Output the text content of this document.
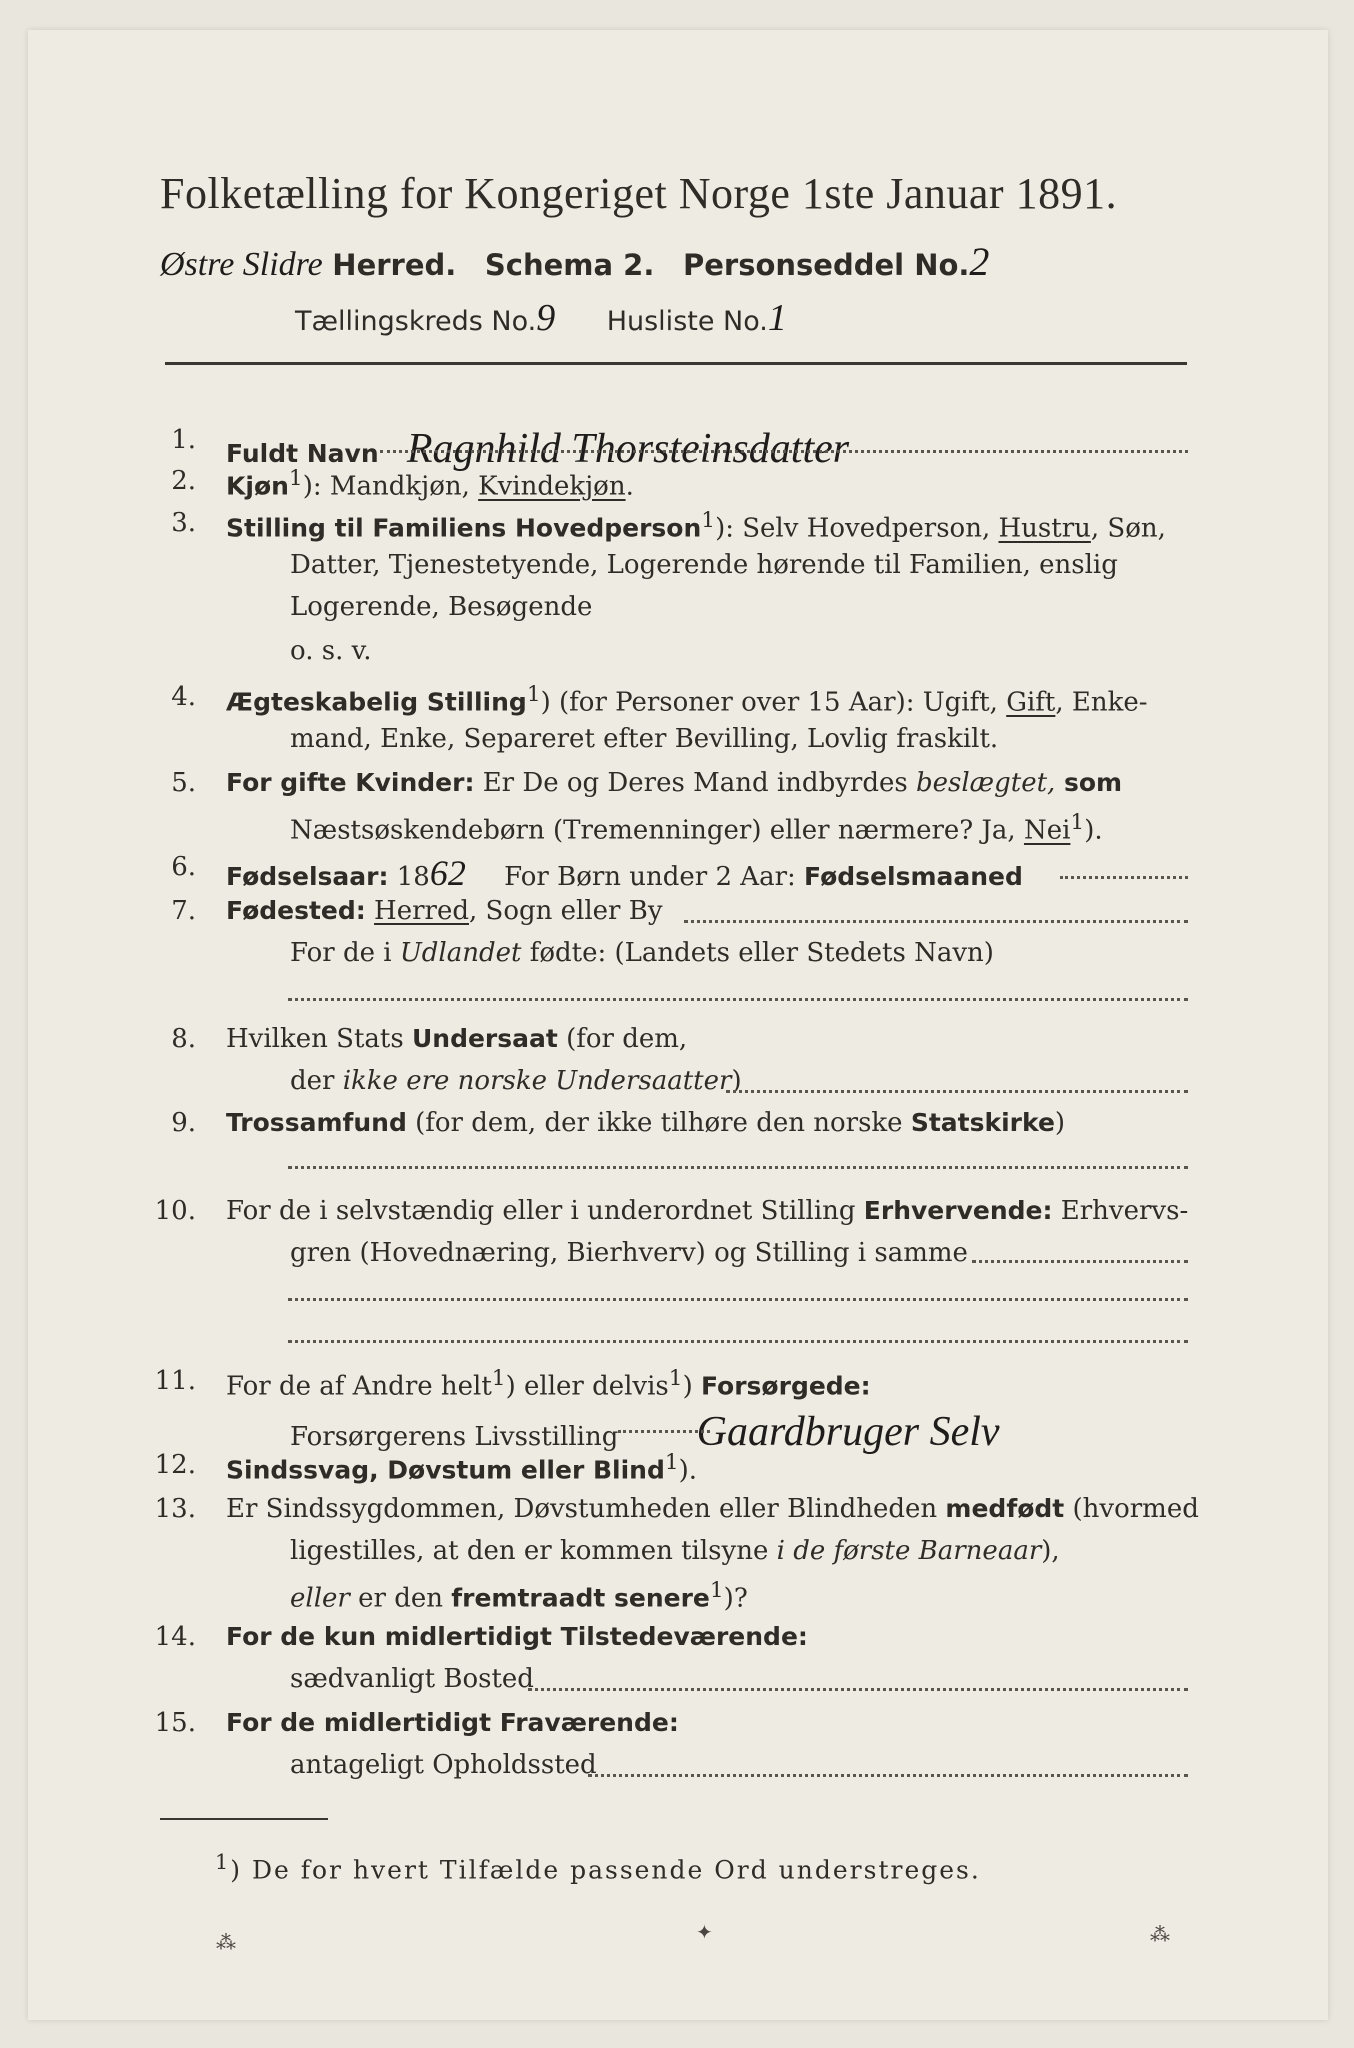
Folketælling for Kongeriget Norge 1ste Januar 1891.
Østre Slidre Herred. Schema 2. Personseddel No.2
Tællingskreds No.9 Husliste No.1
1. Fuldt Navn Ragnhild Thorsteinsdatter
2. Kjøn$^1$): Mandkjøn, Kvindekjøn.
3. Stilling til Familiens Hovedperson$^1$): Selv Hovedperson, Hustru, Søn,
Datter, Tjenestetyende, Logerende hørende til Familien, enslig
Logerende, Besøgende
o. s. v.
4. Ægteskabelig Stilling$^1$) (for Personer over 15 Aar): Ugift, Gift, Enke-
mand, Enke, Separeret efter Bevilling, Lovlig fraskilt.
5. For gifte Kvinder: Er De og Deres Mand indbyrdes beslægtet, som
Næstsøskendebørn (Tremenninger) eller nærmere? Ja, Nei$^1$).
6. Fødselsaar: 1862 For Børn under 2 Aar: Fødselsmaaned
7. Fødested: Herred, Sogn eller By
For de i Udlandet fødte: (Landets eller Stedets Navn)
8. Hvilken Stats Undersaat (for dem,
der ikke ere norske Undersaatter)
9. Trossamfund (for dem, der ikke tilhøre den norske Statskirke)
10. For de i selvstændig eller i underordnet Stilling Erhvervende: Erhvervs-
gren (Hovednæring, Bierhverv) og Stilling i samme
11. For de af Andre helt$^1$) eller delvis$^1$) Forsørgede:
Forsørgerens Livsstilling Gaardbruger Selv
12. Sindssvag, Døvstum eller Blind$^1$).
13. Er Sindssygdommen, Døvstumheden eller Blindheden medfødt (hvormed
ligestilles, at den er kommen tilsyne i de første Barneaar),
eller er den fremtraadt senere$^1$)?
14. For de kun midlertidigt Tilstedeværende:
sædvanligt Bosted
15. For de midlertidigt Fraværende:
antageligt Opholdssted
$^1$) De for hvert Tilfælde passende Ord understreges.
⁂	✦	⁂
